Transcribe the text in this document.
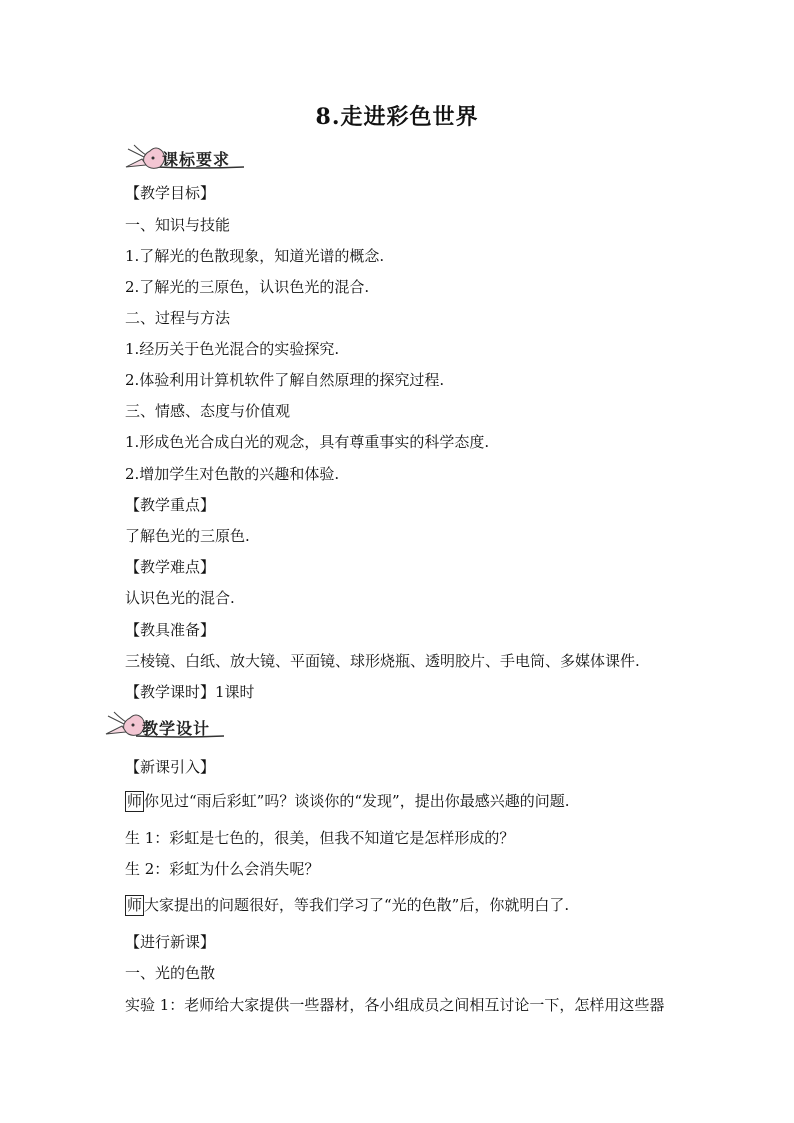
8.走进彩色世界
课标要求
【教学目标】
一、知识与技能
1.了解光的色散现象，知道光谱的概念.
2.了解光的三原色，认识色光的混合.
二、过程与方法
1.经历关于色光混合的实验探究.
2.体验利用计算机软件了解自然原理的探究过程.
三、情感、态度与价值观
1.形成色光合成白光的观念，具有尊重事实的科学态度.
2.增加学生对色散的兴趣和体验.
【教学重点】
了解色光的三原色.
【教学难点】
认识色光的混合.
【教具准备】
三棱镜、白纸、放大镜、平面镜、球形烧瓶、透明胶片、手电筒、多媒体课件.
【教学课时】1课时
教学设计
【新课引入】
师 你见过“雨后彩虹”吗？谈谈你的“发现”，提出你最感兴趣的问题.
生 1：彩虹是七色的，很美，但我不知道它是怎样形成的？
生 2：彩虹为什么会消失呢？
师 大家提出的问题很好，等我们学习了“光的色散”后，你就明白了.
【进行新课】
一、光的色散
实验 1：老师给大家提供一些器材，各小组成员之间相互讨论一下，怎样用这些器
